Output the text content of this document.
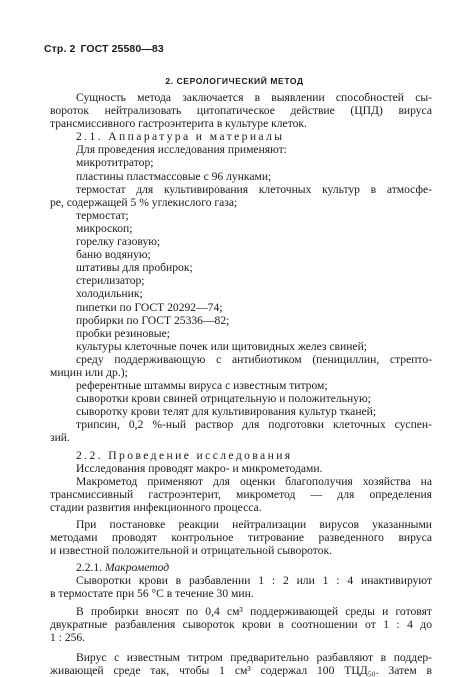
Стр. 2 ГОСТ 25580—83
2. СЕРОЛОГИЧЕСКИЙ МЕТОД
Сущность метода заключается в выявлении способностей сы-
вороток нейтрализовать цитопатическое действие (ЦПД) вируса
трансмиссивного гастроэнтерита в культуре клеток.
2.1. Аппаратура и материалы
Для проведения исследования применяют:
микротитратор;
пластины пластмассовые с 96 лунками;
термостат для культивирования клеточных культур в атмосфе-
ре, содержащей 5 % углекислого газа;
термостат;
микроскоп;
горелку газовую;
баню водяную;
штативы для пробирок;
стерилизатор;
холодильник;
пипетки по ГОСТ 20292—74;
пробирки по ГОСТ 25336—82;
пробки резиновые;
культуры клеточные почек или щитовидных желез свиней;
среду поддерживающую с антибиотиком (пенициллин, стрепто-
мицин или др.);
референтные штаммы вируса с известным титром;
сыворотки крови свиней отрицательную и положительную;
сыворотку крови телят для культивирования культур тканей;
трипсин, 0,2 %-ный раствор для подготовки клеточных суспен-
зий.
2.2. Проведение исследования
Исследования проводят макро- и микрометодами.
Макрометод применяют для оценки благополучия хозяйства на
трансмиссивный гастроэнтерит, микрометод — для определения
стадии развития инфекционного процесса.
При постановке реакции нейтрализации вирусов указанными
методами проводят контрольное титрование разведенного вируса
и известной положительной и отрицательной сывороток.
2.2.1. Макрометод
Сыворотки крови в разбавлении 1 : 2 или 1 : 4 инактивируют
в термостате при 56 °C в течение 30 мин.
В пробирки вносят по 0,4 см³ поддерживающей среды и готовят
двукратные разбавления сывороток крови в соотношении от 1 : 4 до
1 : 256.
Вирус с известным титром предварительно разбавляют в поддер-
живающей среде так, чтобы 1 см³ содержал 100 ТЦД₅₀. Затем в
